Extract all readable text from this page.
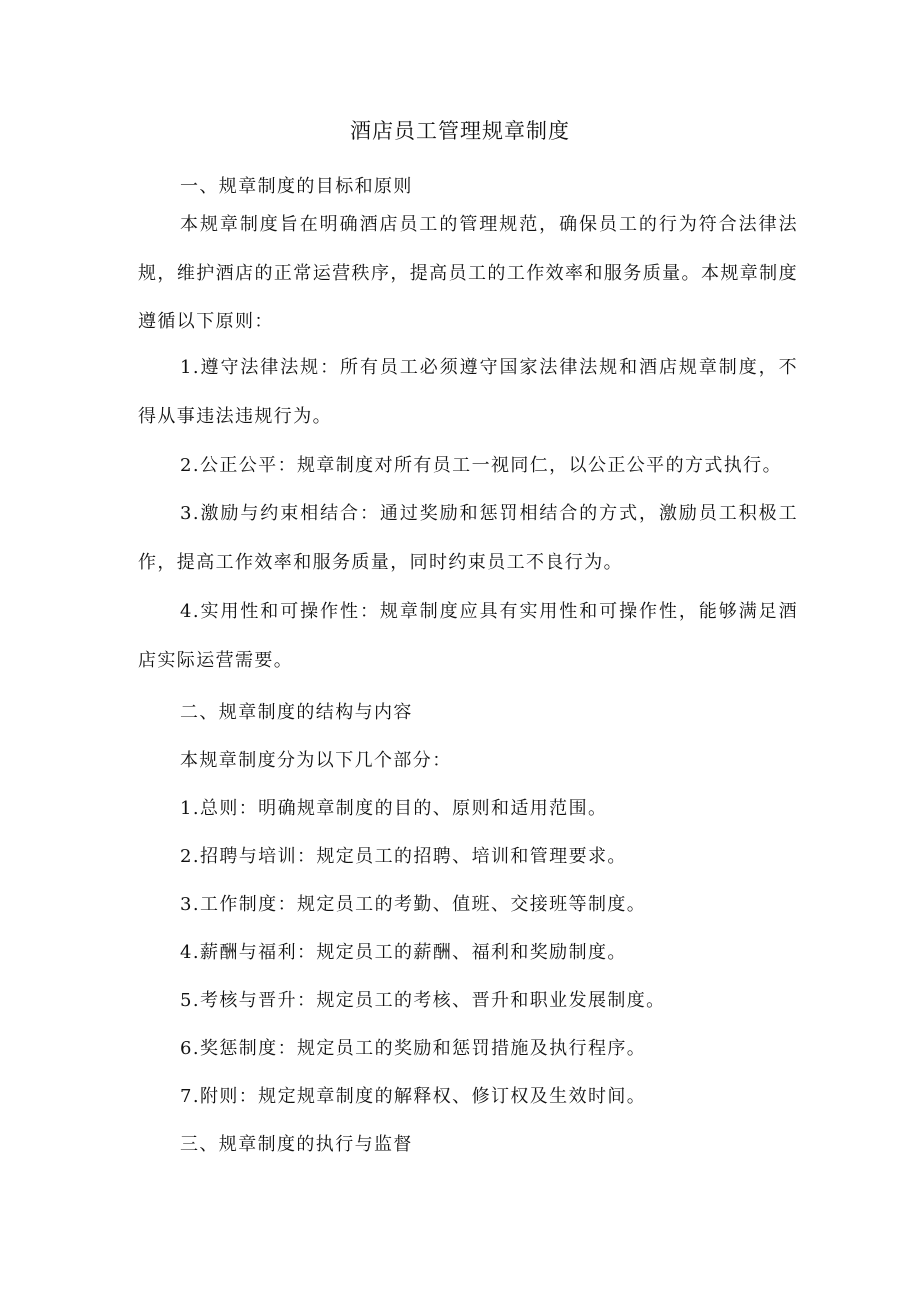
酒店员工管理规章制度

一、规章制度的目标和原则

本规章制度旨在明确酒店员工的管理规范，确保员工的行为符合法律法规，维护酒店的正常运营秩序，提高员工的工作效率和服务质量。本规章制度遵循以下原则：

1.遵守法律法规：所有员工必须遵守国家法律法规和酒店规章制度，不得从事违法违规行为。

2.公正公平：规章制度对所有员工一视同仁，以公正公平的方式执行。

3.激励与约束相结合：通过奖励和惩罚相结合的方式，激励员工积极工作，提高工作效率和服务质量，同时约束员工不良行为。

4.实用性和可操作性：规章制度应具有实用性和可操作性，能够满足酒店实际运营需要。

二、规章制度的结构与内容

本规章制度分为以下几个部分：

1.总则：明确规章制度的目的、原则和适用范围。

2.招聘与培训：规定员工的招聘、培训和管理要求。

3.工作制度：规定员工的考勤、值班、交接班等制度。

4.薪酬与福利：规定员工的薪酬、福利和奖励制度。

5.考核与晋升：规定员工的考核、晋升和职业发展制度。

6.奖惩制度：规定员工的奖励和惩罚措施及执行程序。

7.附则：规定规章制度的解释权、修订权及生效时间。

三、规章制度的执行与监督
